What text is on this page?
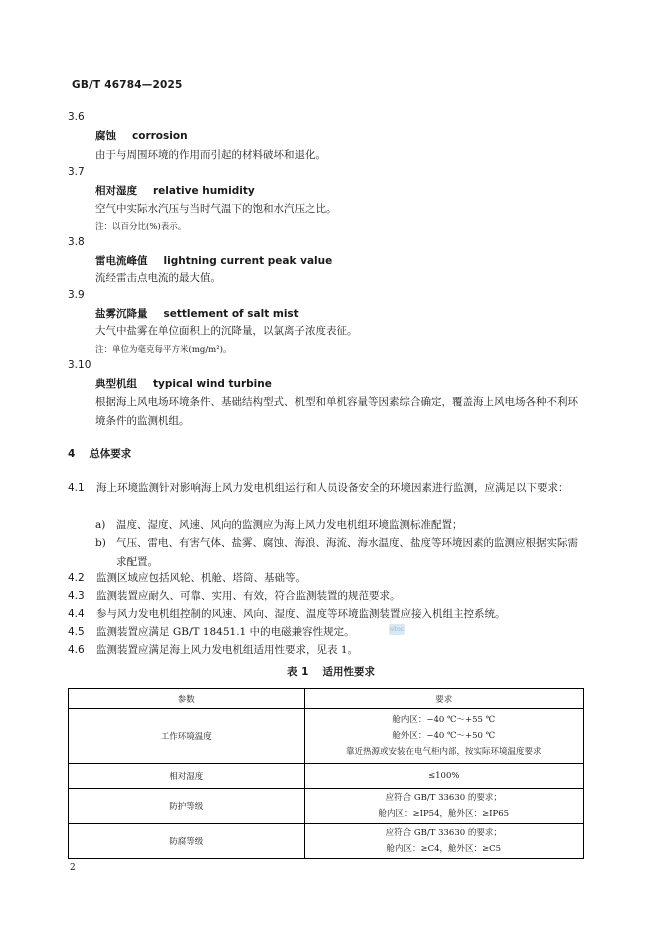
GB/T 46784—2025
3.6
腐蚀 corrosion
由于与周围环境的作用而引起的材料破坏和退化。
3.7
相对湿度 relative humidity
空气中实际水汽压与当时气温下的饱和水汽压之比。
注：以百分比(%)表示。
3.8
雷电流峰值 lightning current peak value
流经雷击点电流的最大值。
3.9
盐雾沉降量 settlement of salt mist
大气中盐雾在单位面积上的沉降量，以氯离子浓度表征。
注：单位为毫克每平方米(mg/m²)。
3.10
典型机组 typical wind turbine
根据海上风电场环境条件、基础结构型式、机型和单机容量等因素综合确定，覆盖海上风电场各种不利环境条件的监测机组。
4 总体要求
4.1 海上环境监测针对影响海上风力发电机组运行和人员设备安全的环境因素进行监测，应满足以下要求：
a)	温度、湿度、风速、风向的监测应为海上风力发电机组环境监测标准配置；
b) 气压、雷电、有害气体、盐雾、腐蚀、海浪、海流、海水温度、盐度等环境因素的监测应根据实际需求配置。
4.2 监测区域应包括风轮、机舱、塔筒、基础等。
4.3 监测装置应耐久、可靠、实用、有效，符合监测装置的规范要求。
4.4 参与风力发电机组控制的风速、风向、湿度、温度等环境监测装置应接入机组主控系统。
4.5 监测装置应满足 GB/T 18451.1 中的电磁兼容性规定。
4.6 监测装置应满足海上风力发电机组适用性要求，见表 1。
sitoc
表 1 适用性要求
参数	要求
工作环境温度	舱内区：−40 ℃～+55 ℃
舱外区：−40 ℃～+50 ℃
靠近热源或安装在电气柜内部，按实际环境温度要求

相对湿度	≤100%

防护等级	应符合 GB/T 33630 的要求；
舱内区：≥IP54，舱外区：≥IP65

防腐等级	应符合 GB/T 33630 的要求；
舱内区：≥C4，舱外区：≥C5
2
